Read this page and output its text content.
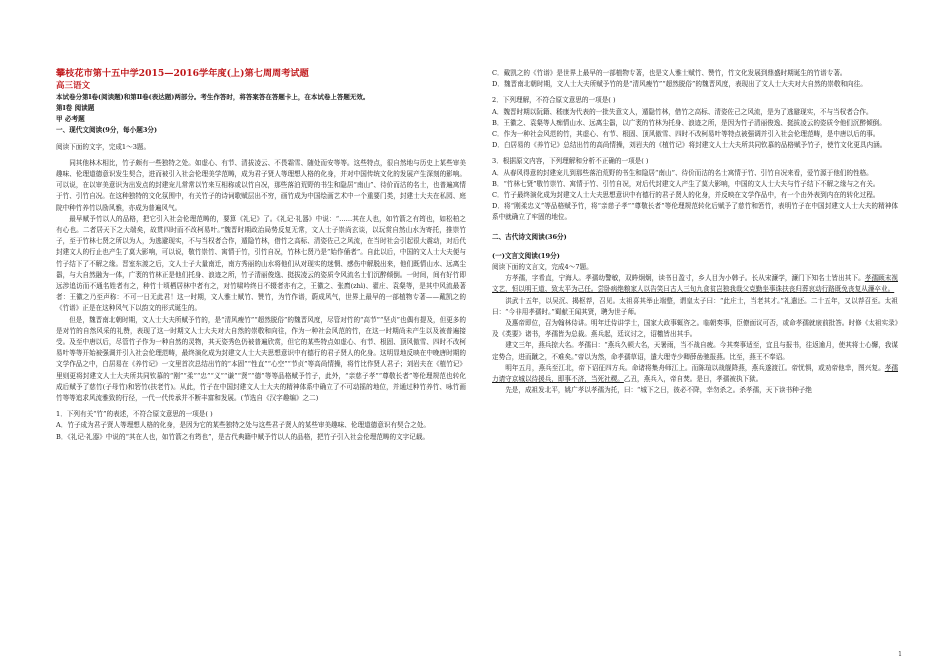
攀枝花市第十五中学2015—2016学年度(上)第七周周考试题

高三语文

本试卷分第Ⅰ卷(阅读题)和第Ⅱ卷(表达题)两部分。考生作答时，将答案答在答题卡上，在本试卷上答题无效。

第Ⅰ卷 阅读题

甲 必考题

一、现代文阅读(9分，每小题3分)

阅读下面的文字，完成1～3题。

同其他林木相比，竹子颇有一些独特之处。如虚心、有节、清拔凌云、不畏霜雪、随处而安等等。这些特点，很自然地与历史上某些审美趣味、伦理道德意识发生契合，进而被引入社会伦理美学范畴，成为君子贤人等理想人格的化身，并对中国传统文化的发展产生深刻的影响。可以说，在以审美意识为出发点的封建宠儿常常以竹来互相称或以竹自况，那些落泊荒野的书生和隐居“南山”、待价而沽的名士，也普遍寓情于竹、引竹自况。在这种独特的文化氛围中，有关竹子的诗词歌赋层出不穷，画竹成为中国绘画艺术中一个重要门类，封建士大夫在私园、庭院中种竹养竹以励风雅，亦成为普遍风气。

最早赋予竹以人的品格，把它引入社会伦理范畴的，要算《礼记》了。《礼记·礼器》中说：“……其在人也，如竹箭之有筠也，如松柏之有心也。二者居天下之大端矣，故贯四时而不改柯易叶。”魏晋时期政治局势反复无常，文人士子崇尚玄谈，以玩赏自然山水为寄托，推崇竹子，至于竹林七贤之所以为人，为逃避现实，不与当权者合作，遁隐竹林，借竹之高标、清姿佐己之风流，在当时社会引起很大震动，对后代封建文人的行止也产生了莫大影响，可以说，敬竹崇竹、寓情于竹，引竹自况，竹林七贤乃是“始作俑者”。自此以后，中国的文人士大夫便与竹子结下了不解之缘。晋室东渡之后，文人士子大量南迁，南方秀丽的山水将他们从对现实的迷惘、感伤中解脱出来，他们既情山水、远离尘嚣，与大自然融为一体，广袤的竹林正是他们托身、浪迹之所，竹子清丽俊逸、挺拔凌云的姿质令风流名士们沉醉倾倒。一时间，间有好竹即远涉追访而不通名姓者有之，种竹十顷栖居林中者有之，对竹啸吟终日不辍者亦有之，王徽之、张廌(zhì)、翟庄、袁粲等，是其中风流最著者：王徽之乃至声称：不可一日无此君！这一时期，文人雅士赋竹、赞竹，为竹作谱，蔚成风气，世界上最早的一部植物专著——戴凯之的《竹谱》正是在这种风气下以韵文的形式诞生的。

但是，魏晋南北朝时期，文人士大夫所赋予竹的，是“清风瘦竹”“超然脱俗”的魏晋风度，尽管对竹的“高节”“坚贞”也偶有提及，但更多的是对竹的自然风采的礼赞，表现了这一时期文人士大夫对大自然的崇敬和向往，作为一种社会风范的竹，在这一时期尚未产生以及被普遍接受。及至中唐以后，尽管竹子作为一种自然的灵物，其天姿秀色仍被普遍欣赏，但它的某些特点如虚心、有节、根固、顶风傲雪、四时不改柯易叶等等开始被强调并引入社会伦理范畴，最终演化成为封建文人士大夫思想意识中有德行的君子贤人的化身。这明显地反映在中晚唐时期的文学作品之中，白居易在《养竹记》一文里首次总结出竹的“本固”“性直”“心空”“节贞”等高尚情操，将竹比作贤人君子；刘岩夫在《植竹记》里则更将封建文人士大夫所共同钦慕的“刚”“柔”“忠”“义”“谦”“贤”“德”等等品格赋予竹子，此外，“亲慈子孝”“尊敬长者”等伦理规范也转化成后赋予了慈竹(子母竹)和箬竹(扶老竹)。从此，竹子在中国封建文人士大夫的精神体系中确立了不可动摇的地位，并通过种竹养竹、咏竹画竹等等追求风流雅致的行径，一代一代传承并不断丰富和发展。(节选自《汉字趣编》之二)

1．下列有关“竹”的表述，不符合原文意思的一项是( )

A．竹子成为君子贤人等理想人格的化身，是因为它的某些独特之处与这些君子贤人的某些审美趣味、伦理道德意识有契合之处。

B．《礼记·礼器》中说的“其在人也，如竹箭之有筠也”，是古代典籍中赋予竹以人的品格，把竹子引入社会伦理范畴的文字记载。

C．戴凯之的《竹谱》是世界上最早的一部植物专著，也是文人雅士赋竹、赞竹，竹文化发展到鼎盛时期诞生的竹谱专著。

D．魏晋南北朝时期，文人士大夫所赋予竹的是“清风瘦竹”“超然脱俗”的魏晋风度，表现出了文人士大夫对大自然的崇敬和向往。

2．下列理解，不符合原文意思的一项是( )

A．魏晋时期以阮籍、嵇康为代表的一批失意文人，遁隐竹林，借竹之高标、清姿佐己之风流，是为了逃避现实，不与当权者合作。

B．王徽之、袁粲等人痴情山水、远离尘嚣，以广袤的竹林为托身、浪迹之所，是因为竹子清丽俊逸、挺拔凌云的姿质令他们沉醉倾倒。

C．作为一种社会风范的竹，其虚心、有节、根固、顶风傲雪、四时不改柯易叶等特点被强调并引入社会伦理范畴，是中唐以后的事。

D．白居易的《养竹记》总结出竹的高尚情操，刘岩夫的《植竹记》将封建文人士大夫所共同钦慕的品格赋予竹子，使竹文化更具内涵。

3．根据原文内容，下列理解和分析不正确的一项是( )

A．从春风得意的封建宠儿到那些落泊荒野的书生和隐居“南山”、待价而沽的名士寓情于竹、引竹自况来看，爱竹源于他们的性格。

B．“竹林七贤”敬竹崇竹、寓情于竹、引竹自况，对后代封建文人产生了莫大影响，中国的文人士大夫与竹子结下不解之缘与之有关。

C．竹子最终演化成为封建文人士大夫思想意识中有德行的君子贤人的化身，并反映在文学作品中，有一个由外表到内在的转化过程。

D．将“刚柔忠义”等品格赋予竹，将“亲慈子孝”“尊敬长者”等伦理规范转化后赋予了慈竹和箬竹，表明竹子在中国封建文人士大夫的精神体系中就确立了牢固的地位。

二、古代诗文阅读(36分)

(一)文言文阅读(19分)

阅读下面的文言文，完成4～7题。

方孝孺，字希直，宁海人。孝孺幼警敏，双眸炯炯，读书日盈寸，乡人目为小韩子。长从宋濂学，濂门下知名士皆出其下。孝孺顾末视文艺，恒以明王道、致太平为己任。尝卧病绝粮家人以告笑曰古人三旬九食贫岂独我哉父克勤坐事诛扶丧归葬哀动行路既免丧复从濂卒业。

洪武十五年，以吴沉、揭枢荐，召见。太祖喜其举止端整，谓皇太子曰：“此庄士，当老其才。”礼遣还。二十五年，又以荐召至。太祖曰：“今非用孝孺时。”蜀献王闻其贤，聘为世子师。

及惠帝即位，召为翰林侍讲。明年迁侍讲学士，国家大政事辄咨之。临朝奏事，臣僚面议可否，或命孝孺就扆前批答。时修《太祖实录》及《类要》诸书，孝孺皆为总裁。燕兵起，廷议讨之，诏檄皆出其手。

建文三年，燕兵掠大名。孝孺曰：“燕兵久顿大名，天暑雨，当不战自疲。今其奏事适至，宜且与报书，往返逾月，使其将士心懈，我谋定势合，进而蹴之，不难矣。”帝以为然，命孝孺草诏，遣大理寺少卿薛嵒驰报燕。比至，燕王不奉诏。

明年五月，燕兵至江北，帝下诏征四方兵。命诸将集舟师江上。而陈瑄以战舰降燕，燕兵遂渡江。帝忧惧，或劝帝他幸，图兴复。孝孺力请守京城以待援兵，即事不济，当死社稷。乙丑，燕兵入，帝自焚。是日，孝孺被执下狱。

先是，成祖发北平，姚广孝以孝孺为托，曰：“城下之日，彼必不降，幸勿杀之。杀孝孺，天下读书种子绝

1
